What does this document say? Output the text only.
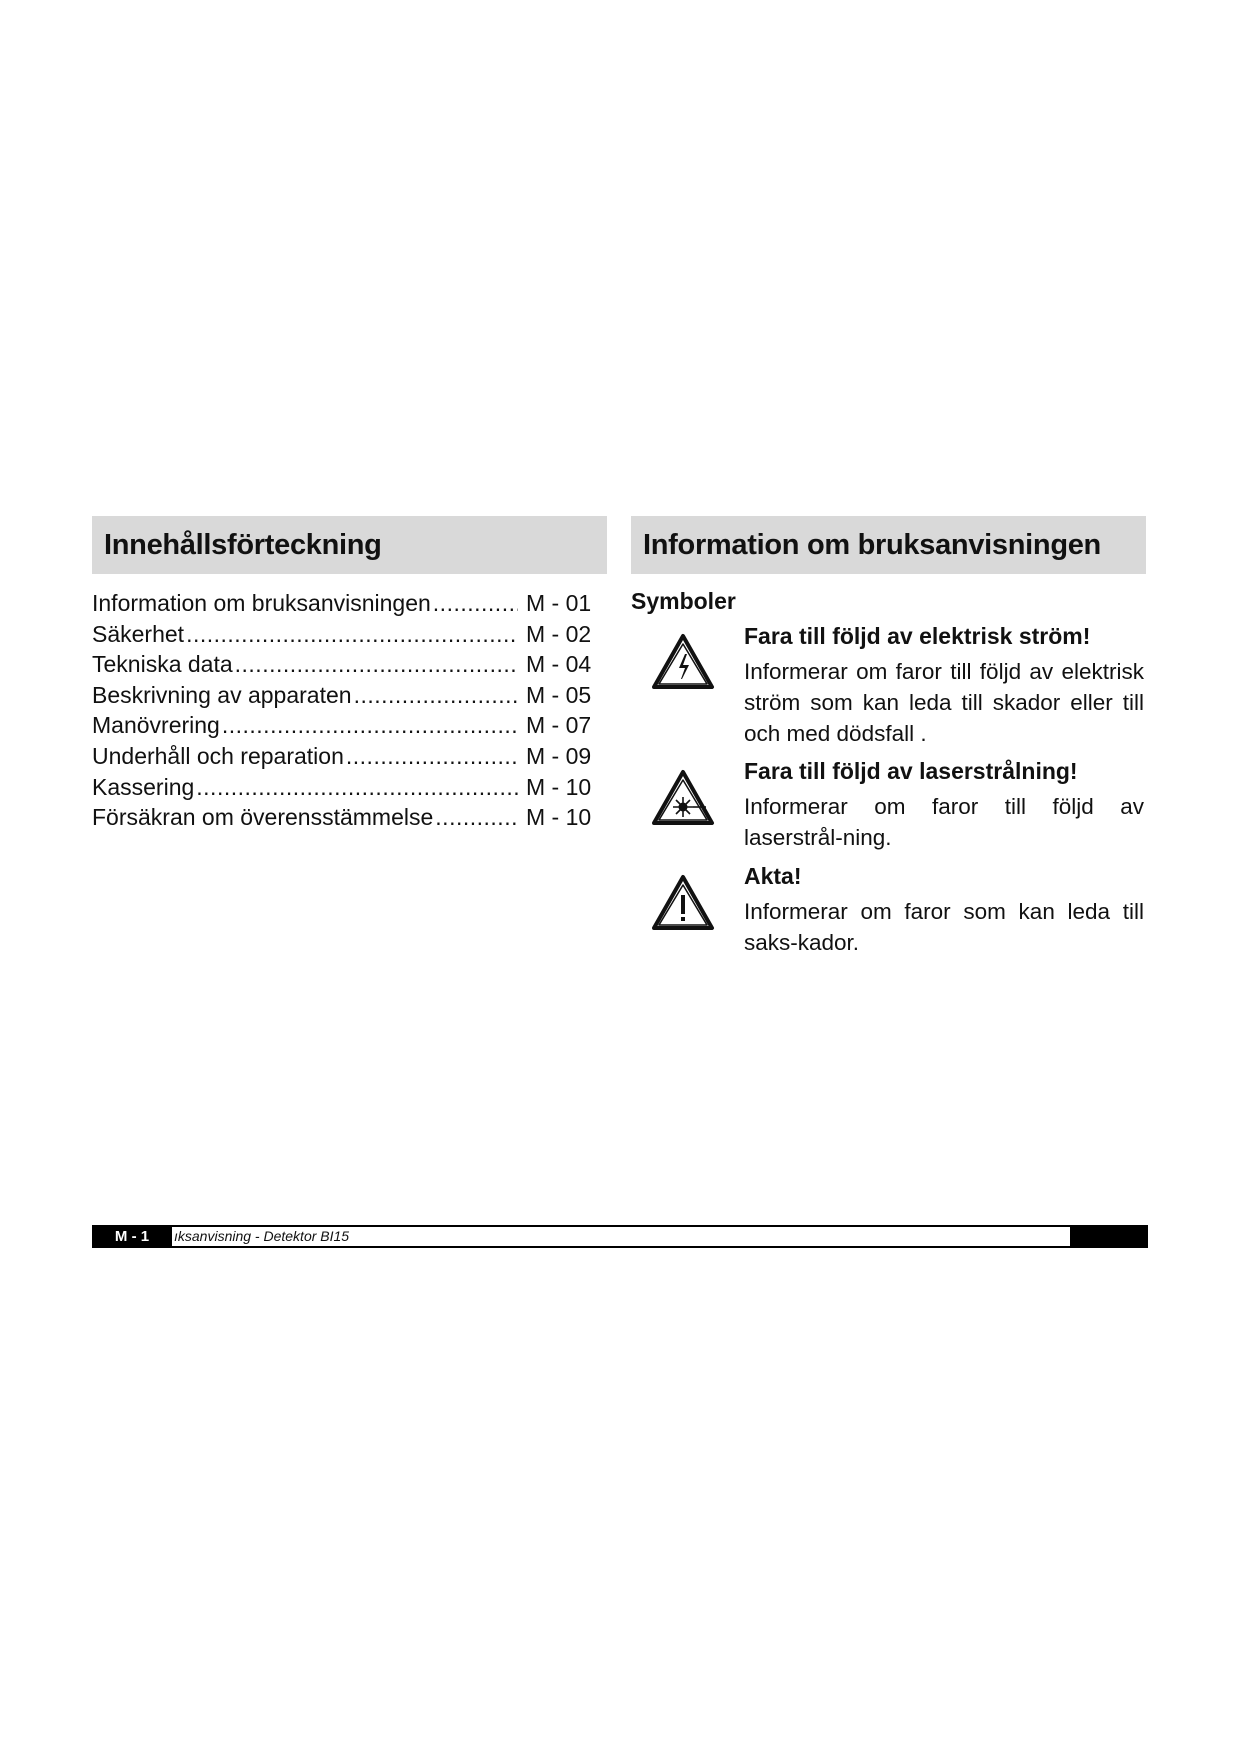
Innehållsförteckning	Information om bruksanvisningen
Information om bruksanvisningen .....	M - 01
Säkerhet .....	M - 02
Tekniska data .....	M - 04
Beskrivning av apparaten .....	M - 05
Manövrering .....	M - 07
Underhåll och reparation .....	M - 09
Kassering .....	M - 10
Försäkran om överensstämmelse .....	M - 10
Symboler
Fara till följd av elektrisk ström!
Informerar om faror till följd av elektrisk ström som kan leda till skador eller till och med dödsfall .
Fara till följd av laserstrålning!
Informerar om faror till följd av laserstrål-ning.
Akta!
Informerar om faror som kan leda till saks-kador.
M - 1	ıksanvisning - Detektor BI15
